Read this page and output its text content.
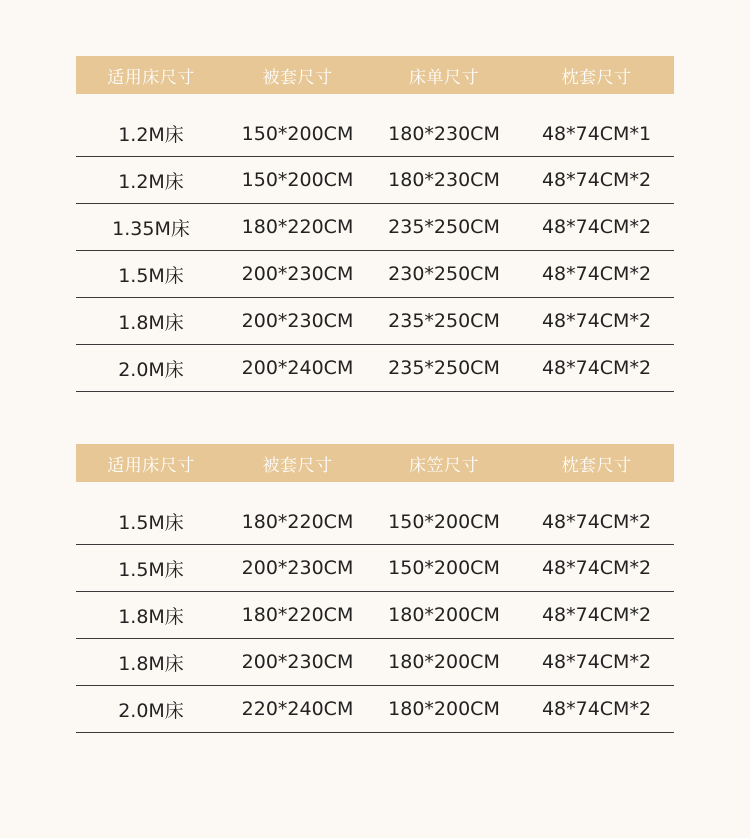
适用床尺寸	被套尺寸	床单尺寸	枕套尺寸
1.2M床	150*200CM	180*230CM	48*74CM*1
1.2M床	150*200CM	180*230CM	48*74CM*2
1.35M床	180*220CM	235*250CM	48*74CM*2
1.5M床	200*230CM	230*250CM	48*74CM*2
1.8M床	200*230CM	235*250CM	48*74CM*2
2.0M床	200*240CM	235*250CM	48*74CM*2
适用床尺寸	被套尺寸	床笠尺寸	枕套尺寸
1.5M床	180*220CM	150*200CM	48*74CM*2
1.5M床	200*230CM	150*200CM	48*74CM*2
1.8M床	180*220CM	180*200CM	48*74CM*2
1.8M床	200*230CM	180*200CM	48*74CM*2
2.0M床	220*240CM	180*200CM	48*74CM*2
